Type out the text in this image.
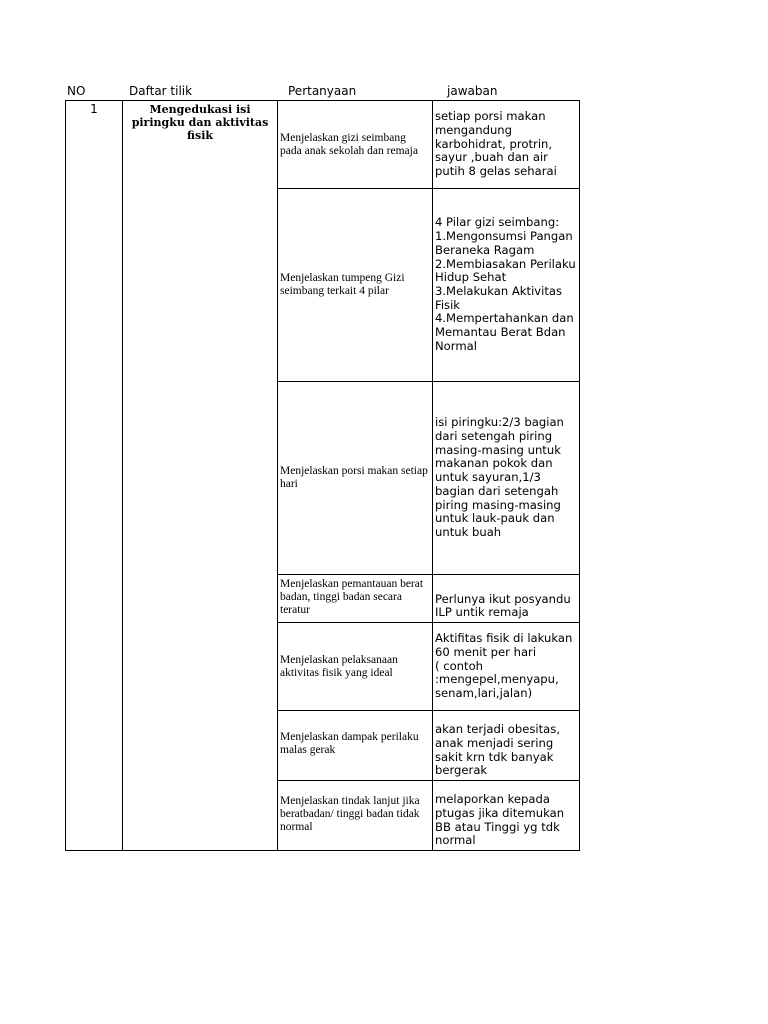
NO	Daftar tilik	Pertanyaan	jawaban
1	Mengedukasi isi piringku dan aktivitas fisik	Menjelaskan gizi seimbang pada anak sekolah dan remaja	setiap porsi makan mengandung karbohidrat, protrin, sayur ,buah dan air putih 8 gelas seharai
		Menjelaskan tumpeng Gizi seimbang terkait 4 pilar	4 Pilar gizi seimbang:
1.Mengonsumsi Pangan Beraneka Ragam
2.Membiasakan Perilaku Hidup Sehat
3.Melakukan Aktivitas Fisik
4.Mempertahankan dan Memantau Berat Bdan Normal
		Menjelaskan porsi makan setiap hari	isi piringku:2/3 bagian dari setengah piring masing-masing untuk makanan pokok dan untuk sayuran,1/3 bagian dari setengah piring masing-masing untuk lauk-pauk dan untuk buah
		Menjelaskan pemantauan berat badan, tinggi badan secara teratur	Perlunya ikut posyandu ILP untik remaja
		Menjelaskan pelaksanaan aktivitas fisik yang ideal	Aktifitas fisik di lakukan 60 menit per hari
( contoh :mengepel,menyapu, senam,lari,jalan)
		Menjelaskan dampak perilaku malas gerak	akan terjadi obesitas, anak menjadi sering sakit krn tdk banyak bergerak
		Menjelaskan tindak lanjut jika beratbadan/ tinggi badan tidak normal	melaporkan kepada ptugas jika ditemukan BB atau Tinggi yg tdk normal
